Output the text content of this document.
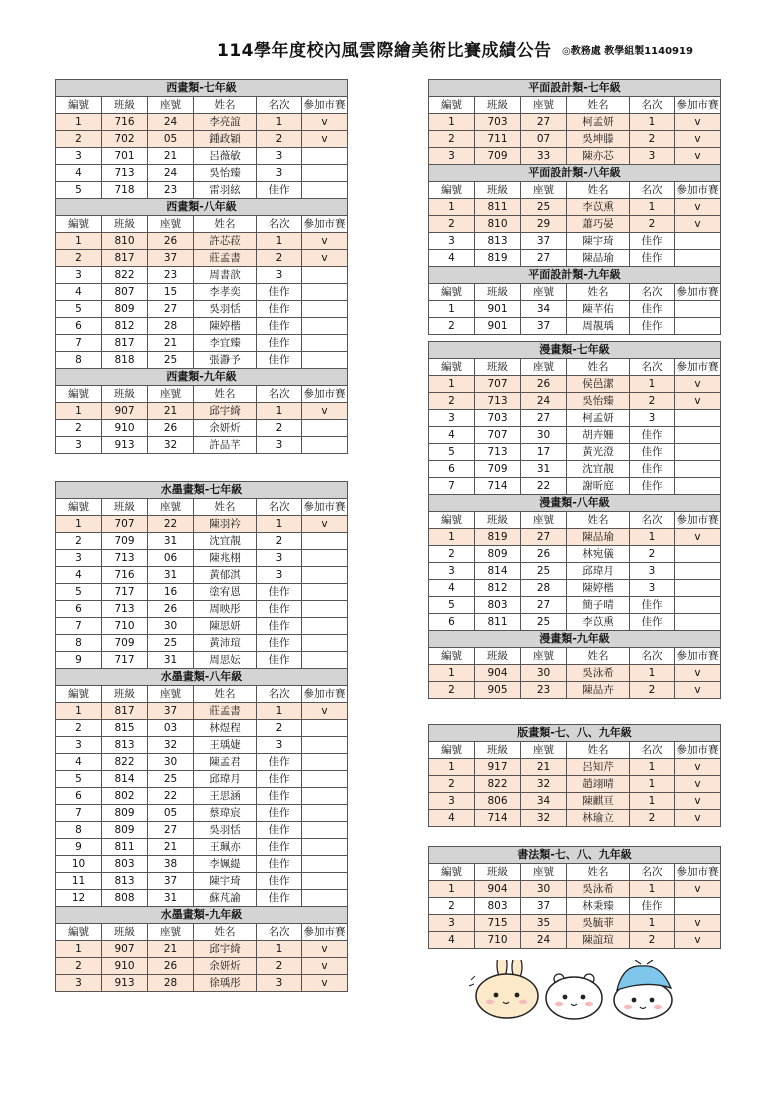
114學年度校內風雲際繪美術比賽成績公告 ◎教務處 教學組製1140919
西畫類-七年級					
編號	班級	座號	姓名	名次	參加市賽
1	716	24	李亮誼	1	v
2	702	05	鍾政穎	2	v
3	701	21	呂薇敏	3	
4	713	24	吳怡臻	3	
5	718	23	雷羽絃	佳作	
西畫類-八年級					
編號	班級	座號	姓名	名次	參加市賽
1	810	26	許芯菈	1	v
2	817	37	莊孟書	2	v
3	822	23	周書歆	3	
4	807	15	李孝奕	佳作	
5	809	27	吳羽恬	佳作	
6	812	28	陳婷楷	佳作	
7	817	21	李宜臻	佳作	
8	818	25	張瀞予	佳作	
西畫類-九年級					
編號	班級	座號	姓名	名次	參加市賽
1	907	21	邱宇綺	1	v
2	910	26	余妍炘	2	
3	913	32	許品芊	3	
水墨畫類-七年級					
編號	班級	座號	姓名	名次	參加市賽
1	707	22	陳羽衿	1	v
2	709	31	沈宜靚	2	
3	713	06	陳兆栩	3	
4	716	31	黃郁淇	3	
5	717	16	塗宥恩	佳作	
6	713	26	周映彤	佳作	
7	710	30	陳思妍	佳作	
8	709	25	黃沛瑄	佳作	
9	717	31	周思妘	佳作	
水墨畫類-八年級					
編號	班級	座號	姓名	名次	參加市賽
1	817	37	莊孟書	1	v
2	815	03	林煜程	2	
3	813	32	王瑀婕	3	
4	822	30	陳孟君	佳作	
5	814	25	邱瑋月	佳作	
6	802	22	王思涵	佳作	
7	809	05	蔡瑋宸	佳作	
8	809	27	吳羽恬	佳作	
9	811	21	王珮亦	佳作	
10	803	38	李姵緹	佳作	
11	813	37	陳宇琦	佳作	
12	808	31	蘇芃諭	佳作	
水墨畫類-九年級					
編號	班級	座號	姓名	名次	參加市賽
1	907	21	邱宇綺	1	v
2	910	26	余妍炘	2	v
3	913	28	徐瑀彤	3	v
平面設計類-七年級					
編號	班級	座號	姓名	名次	參加市賽
1	703	27	柯孟妍	1	v
2	711	07	吳坤滕	2	v
3	709	33	陳亦芯	3	v
平面設計類-八年級					
編號	班級	座號	姓名	名次	參加市賽
1	811	25	李苡熏	1	v
2	810	29	蕭巧晏	2	v
3	813	37	陳宇琦	佳作	
4	819	27	陳品瑜	佳作	
平面設計類-九年級					
編號	班級	座號	姓名	名次	參加市賽
1	901	34	陳芊佑	佳作	
2	901	37	周靚瑀	佳作	
漫畫類-七年級					
編號	班級	座號	姓名	名次	參加市賽
1	707	26	侯邑潔	1	v
2	713	24	吳怡臻	2	v
3	703	27	柯孟妍	3	
4	707	30	胡卉姍	佳作	
5	713	17	黃光澄	佳作	
6	709	31	沈宜靚	佳作	
7	714	22	謝昕庭	佳作	
漫畫類-八年級					
編號	班級	座號	姓名	名次	參加市賽
1	819	27	陳品瑜	1	v
2	809	26	林宛儀	2	
3	814	25	邱瑋月	3	
4	812	28	陳婷楷	3	
5	803	27	簡子晴	佳作	
6	811	25	李苡熏	佳作	
漫畫類-九年級					
編號	班級	座號	姓名	名次	參加市賽
1	904	30	吳泳希	1	v
2	905	23	陳品卉	2	v
版畫類-七、八、九年級					
編號	班級	座號	姓名	名次	參加市賽
1	917	21	呂知芹	1	v
2	822	32	趙翊晴	1	v
3	806	34	陳麒亘	1	v
4	714	32	林瑜立	2	v
書法類-七、八、九年級					
編號	班級	座號	姓名	名次	參加市賽
1	904	30	吳泳希	1	v
2	803	37	林秉臻	佳作	
3	715	35	吳毓菲	1	v
4	710	24	陳誼瑄	2	v
